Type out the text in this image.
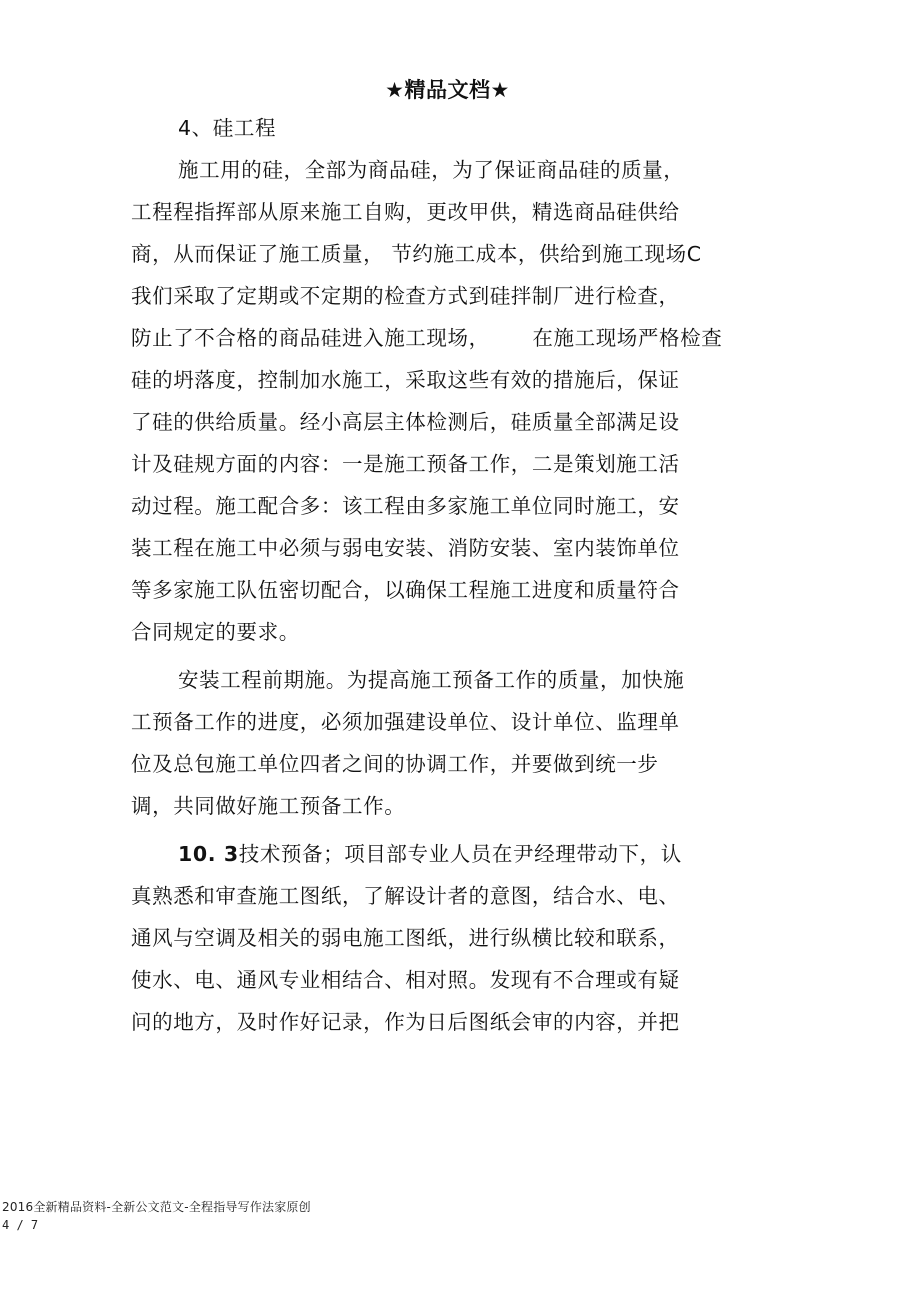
★精品文档★
4、硅工程
施工用的硅，全部为商品硅，为了保证商品硅的质量，
工程程指挥部从原来施工自购，更改甲供，精选商品硅供给
商，从而保证了施工质量， 节约施工成本，供给到施工现场C
我们采取了定期或不定期的检查方式到硅拌制厂进行检查，
防止了不合格的商品硅进入施工现场，      在施工现场严格检查
硅的坍落度，控制加水施工，采取这些有效的措施后，保证
了硅的供给质量。经小高层主体检测后，硅质量全部满足设
计及硅规方面的内容：一是施工预备工作，二是策划施工活
动过程。施工配合多：该工程由多家施工单位同时施工，安
装工程在施工中必须与弱电安装、消防安装、室内装饰单位
等多家施工队伍密切配合，以确保工程施工进度和质量符合
合同规定的要求。
安装工程前期施。为提高施工预备工作的质量，加快施
工预备工作的进度，必须加强建设单位、设计单位、监理单
位及总包施工单位四者之间的协调工作，并要做到统一步
调，共同做好施工预备工作。
10. 3技术预备；项目部专业人员在尹经理带动下，认
真熟悉和审查施工图纸，了解设计者的意图，结合水、电、
通风与空调及相关的弱电施工图纸，进行纵横比较和联系，
使水、电、通风专业相结合、相对照。发现有不合理或有疑
问的地方，及时作好记录，作为日后图纸会审的内容，并把
2016全新精品资料-全新公文范文-全程指导写作法家原创
4 / 7
